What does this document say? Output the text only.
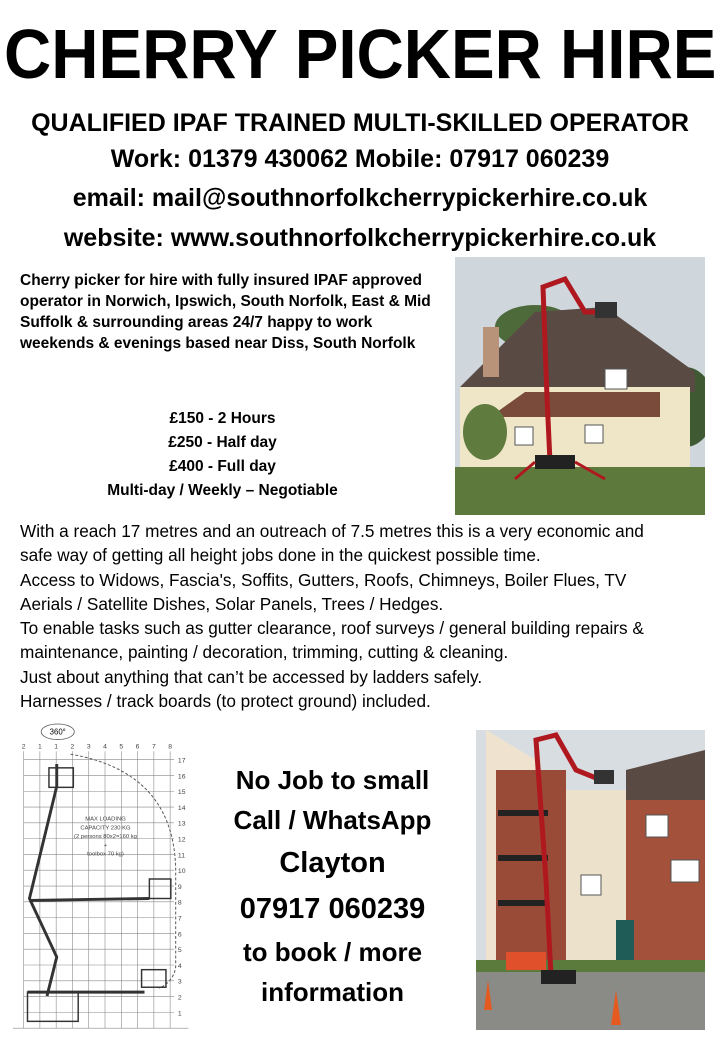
CHERRY PICKER HIRE
QUALIFIED IPAF TRAINED MULTI-SKILLED OPERATOR
Work: 01379 430062 Mobile: 07917 060239
email: mail@southnorfolkcherrypickerhire.co.uk
website: www.southnorfolkcherrypickerhire.co.uk
Cherry picker for hire with fully insured IPAF approved operator in Norwich, Ipswich, South Norfolk, East & Mid Suffolk & surrounding areas 24/7 happy to work weekends & evenings based near Diss, South Norfolk
£150 - 2 Hours
£250 - Half day
£400 - Full day
Multi-day / Weekly – Negotiable
With a reach 17 metres and an outreach of 7.5 metres this is a very economic and
safe way of getting all height jobs done in the quickest possible time.
Access to Widows, Fascia's, Soffits, Gutters, Roofs, Chimneys, Boiler Flues, TV
Aerials / Satellite Dishes, Solar Panels, Trees / Hedges.
To enable tasks such as gutter clearance, roof surveys / general building repairs &
maintenance, painting / decoration, trimming, cutting & cleaning.
Just about anything that can’t be accessed by ladders safely.
Harnesses / track boards (to protect ground) included.
360°
2 1 1 2 3 4 5 6 7 8
1
2
3
4
5
6
7
8
9
10
11
12
13
14
15
16
17
MAX LOADING
CAPACITY 230 KG
(2 persons 80x2=160 kg
+
toolbox 70 kg)
No Job to small
Call / WhatsApp
Clayton
07917 060239
to book / more
information
